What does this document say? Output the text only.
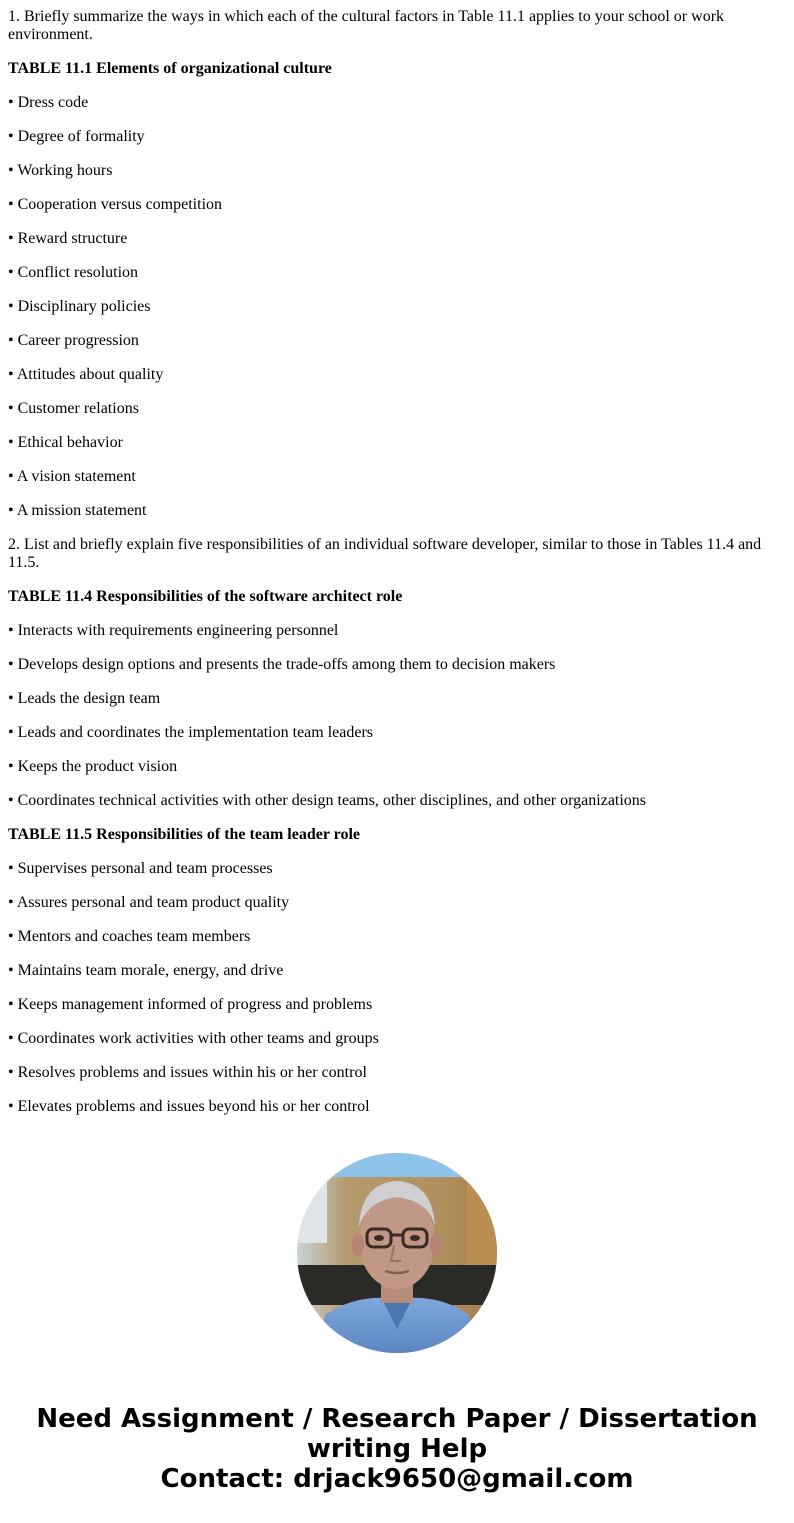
1. Briefly summarize the ways in which each of the cultural factors in Table 11.1 applies to your school or work environment.

TABLE 11.1 Elements of organizational culture

• Dress code

• Degree of formality

• Working hours

• Cooperation versus competition

• Reward structure

• Conflict resolution

• Disciplinary policies

• Career progression

• Attitudes about quality

• Customer relations

• Ethical behavior

• A vision statement

• A mission statement

2. List and briefly explain five responsibilities of an individual software developer, similar to those in Tables 11.4 and 11.5.

TABLE 11.4 Responsibilities of the software architect role

• Interacts with requirements engineering personnel

• Develops design options and presents the trade-offs among them to decision makers

• Leads the design team

• Leads and coordinates the implementation team leaders

• Keeps the product vision

• Coordinates technical activities with other design teams, other disciplines, and other organizations

TABLE 11.5 Responsibilities of the team leader role

• Supervises personal and team processes

• Assures personal and team product quality

• Mentors and coaches team members

• Maintains team morale, energy, and drive

• Keeps management informed of progress and problems

• Coordinates work activities with other teams and groups

• Resolves problems and issues within his or her control

• Elevates problems and issues beyond his or her control

Need Assignment / Research Paper / Dissertation
writing Help
Contact: drjack9650@gmail.com
